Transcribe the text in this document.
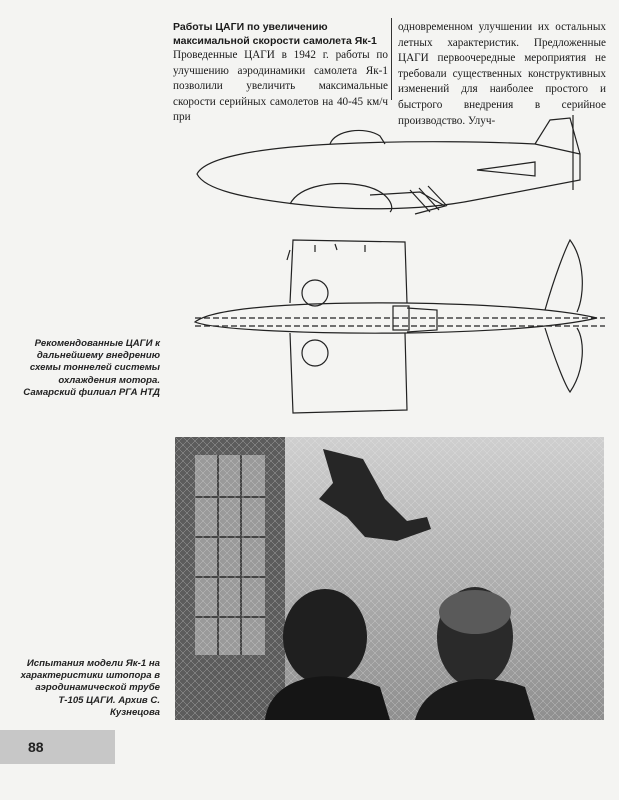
Работы ЦАГИ по увеличению максимальной скорости самолета Як-1
Проведенные ЦАГИ в 1942 г. работы по улучшению аэродинамики самолета Як-1 позволили увеличить максимальные скорости серийных самолетов на 40-45 км/ч при
одновременном улучшении их остальных летных характеристик. Предложенные ЦАГИ первоочередные мероприятия не требовали существенных конструктивных изменений для наиболее простого и быстрого внедрения в серийное производство. Улуч-
Рекомендованные ЦАГИ к дальнейшему внедрению схемы тоннелей системы охлаждения мотора. Самарский филиал РГА НТД
Испытания модели Як-1 на характеристики штопора в аэродинамической трубе Т-105 ЦАГИ. Архив С. Кузнецова
88
